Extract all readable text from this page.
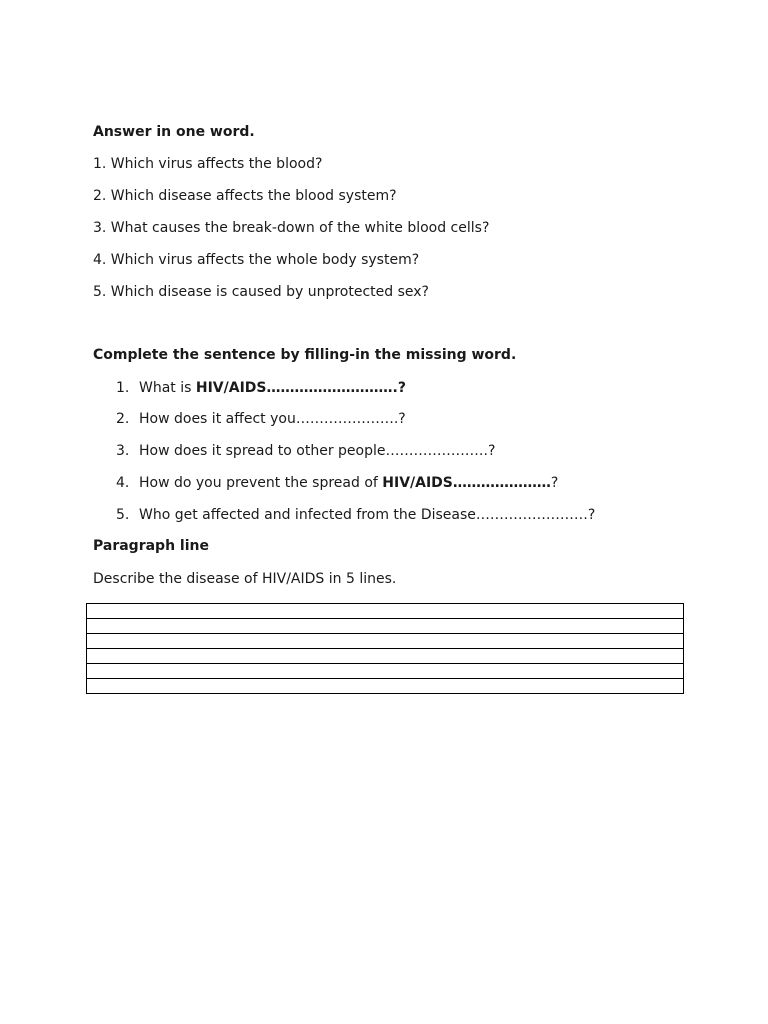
Answer in one word.
1. Which virus affects the blood?
2. Which disease affects the blood system?
3. What causes the break-down of the white blood cells?
4. Which virus affects the whole body system?
5. Which disease is caused by unprotected sex?
Complete the sentence by filling-in the missing word.
1. What is HIV/AIDS……………………….?
2. How does it affect you………………….?
3. How does it spread to other people………………….?
4. How do you prevent the spread of HIV/AIDS…………………?
5. Who get affected and infected from the Disease……………………?
Paragraph line
Describe the disease of HIV/AIDS in 5 lines.
